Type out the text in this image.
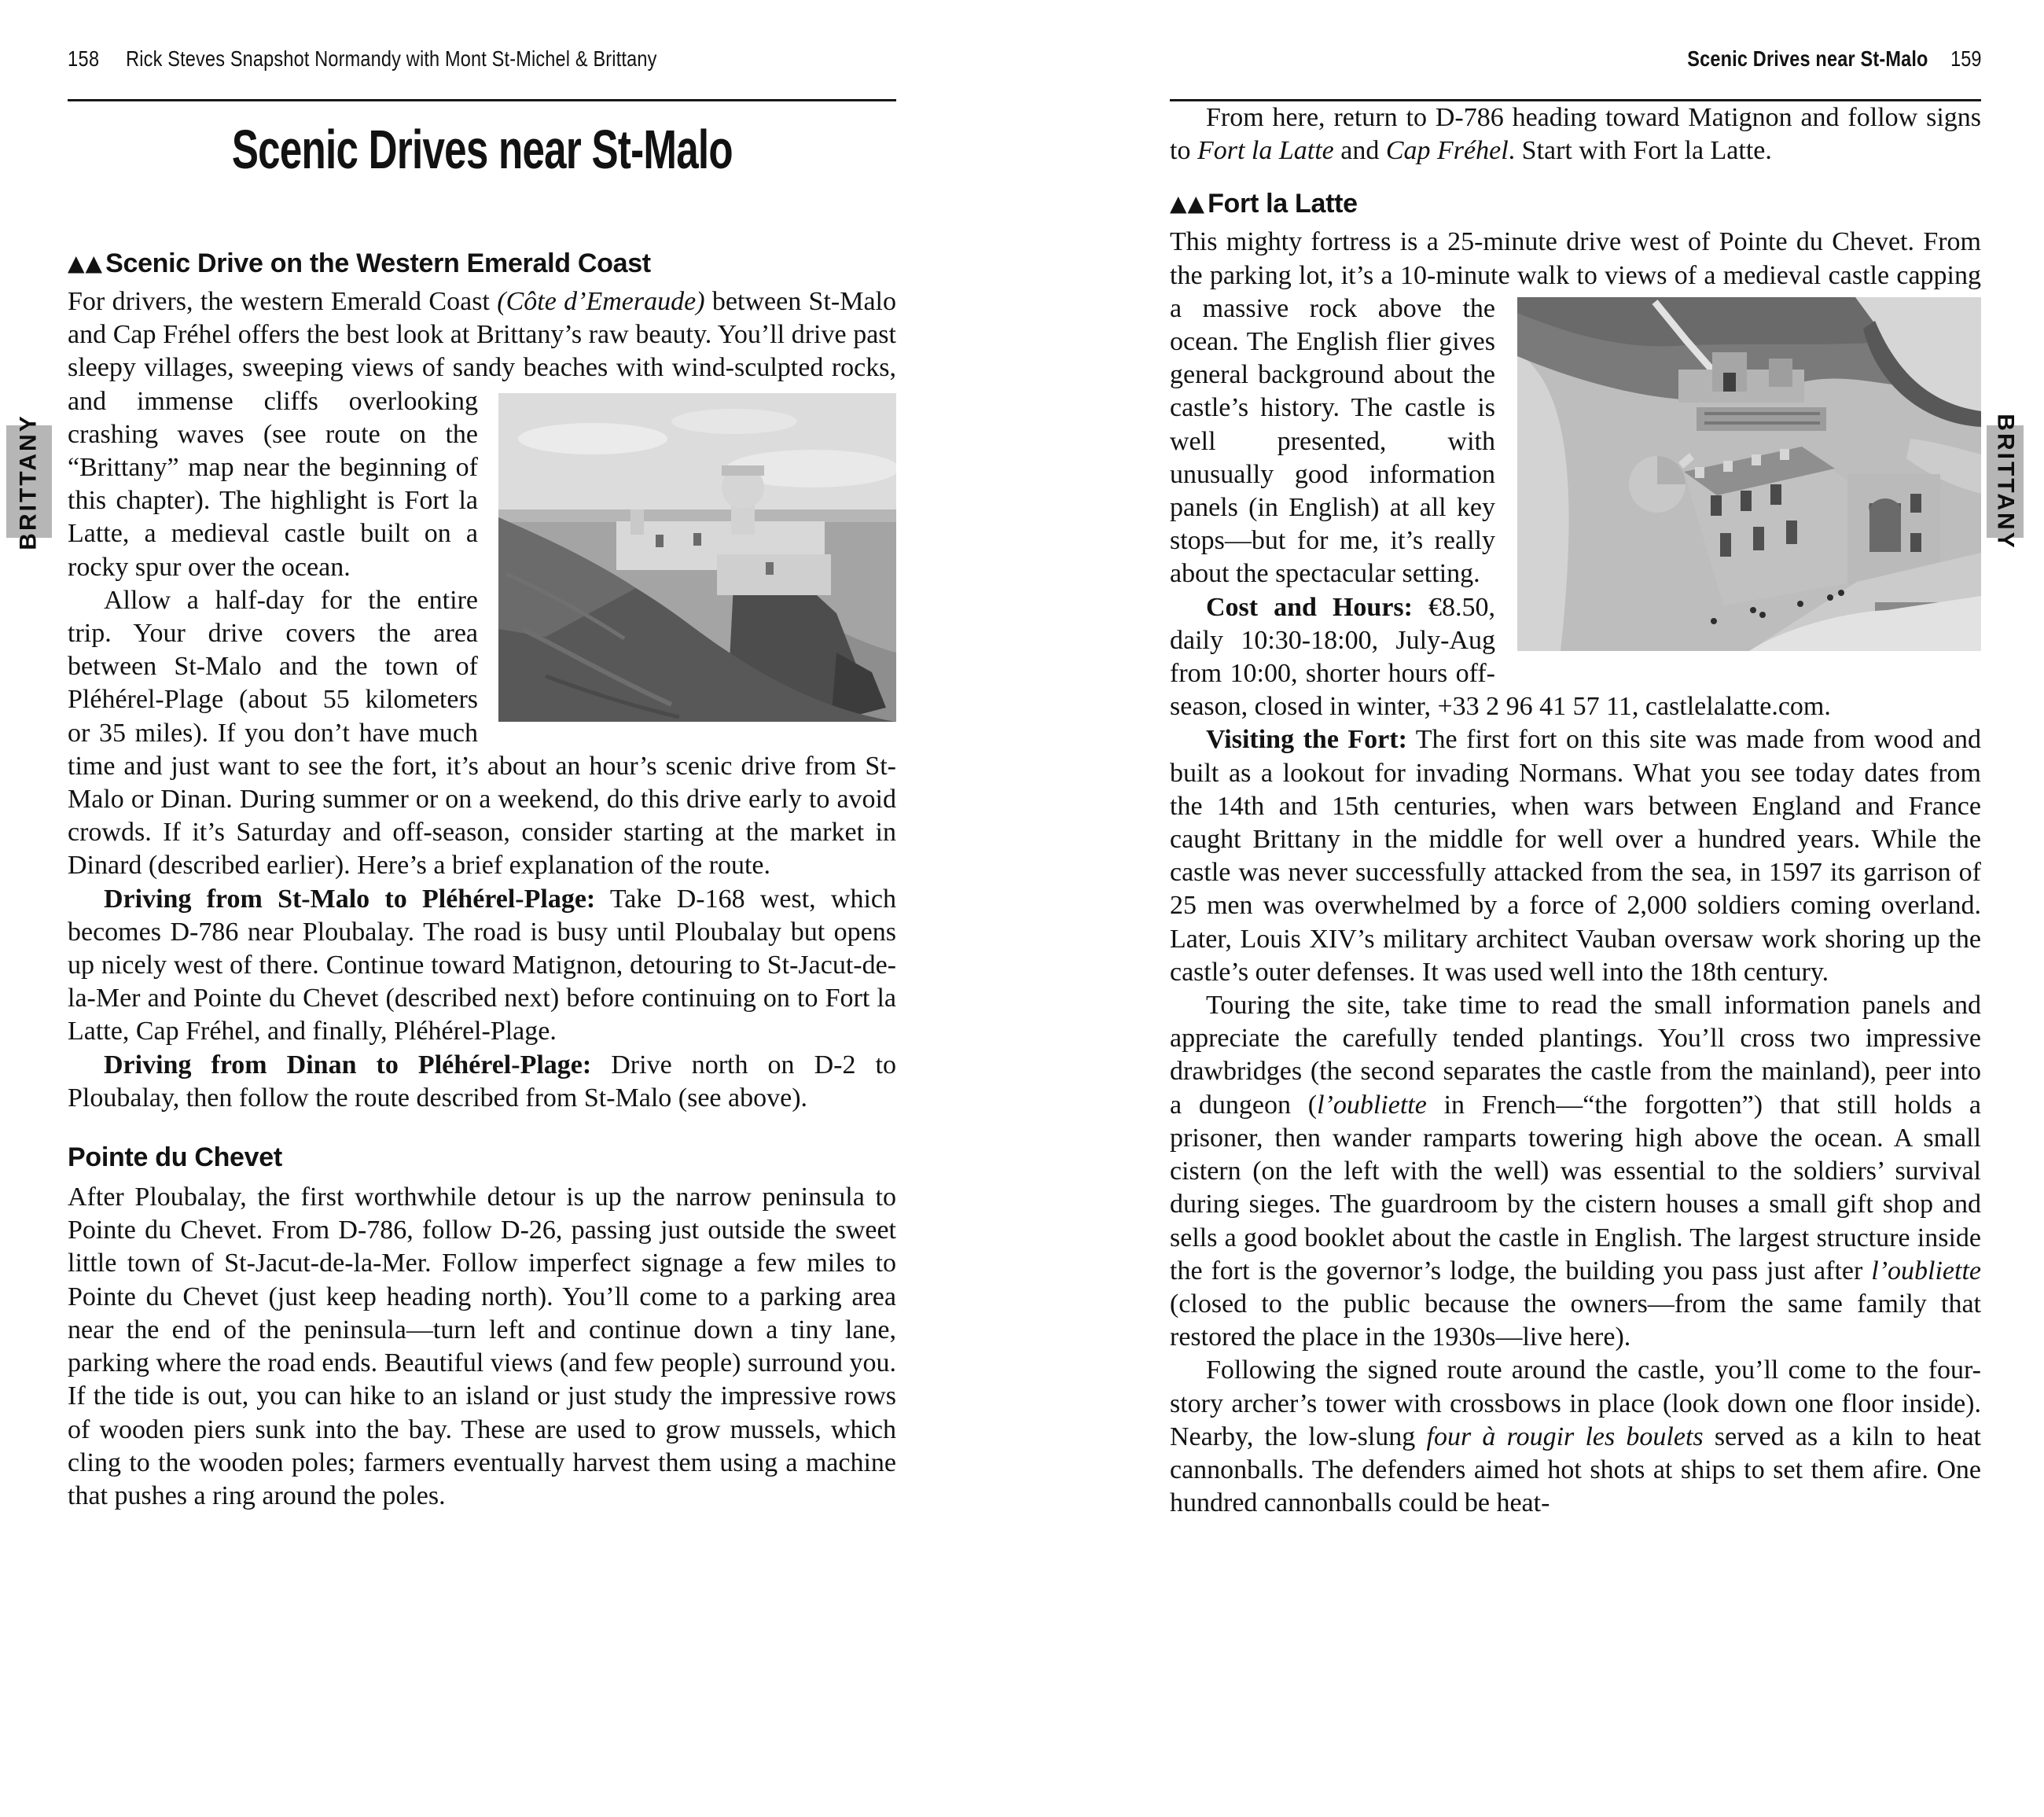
158 Rick Steves Snapshot Normandy with Mont St-Michel & Brittany
Scenic Drives near St-Malo
▲▲Scenic Drive on the Western Emerald Coast

For drivers, the western Emerald Coast (Côte d’Emeraude) between St-Malo and Cap Fréhel offers the best look at Brittany’s raw beauty. You’ll drive past sleepy villages, sweeping views of sandy beach
es with wind-sculpted rocks, and immense cliffs overlooking crashing waves (see route on the “Brittany” map near the beginning of this chapter). The highlight is Fort la Latte, a medieval castle built on a rocky spur over the ocean.

Allow a half-day for the entire trip. Your drive covers the area between St-Malo and the town of Pléhérel-Plage (about 55 kilometers or 35 miles). If you don’t have much time and just want to see the fort, it’s about an hour’s scenic drive from St-Malo or Dinan. During summer or on a weekend, do this drive early to avoid crowds. If it’s Saturday and off-season, consider starting at the market in Dinard (described earlier). Here’s a brief explanation of the route.

Driving from St-Malo to Pléhérel-Plage: Take D-168 west, which becomes D-786 near Ploubalay. The road is busy until Ploubalay but opens up nicely west of there. Continue toward Matignon, detouring to St-Jacut-de-la-Mer and Pointe du Chevet (described next) before continuing on to Fort la Latte, Cap Fréhel, and finally, Pléhérel-Plage.

Driving from Dinan to Pléhérel-Plage: Drive north on D-2 to Ploubalay, then follow the route described from St-Malo (see above).

Pointe du Chevet

After Ploubalay, the first worthwhile detour is up the narrow peninsula to Pointe du Chevet. From D-786, follow D-26, passing just outside the sweet little town of St-Jacut-de-la-Mer. Follow imperfect signage a few miles to Pointe du Chevet (just keep heading north). You’ll come to a parking area near the end of the peninsula—turn left and continue down a tiny lane, parking where the road ends. Beautiful views (and few people) surround you. If the tide is out, you can hike to an island or just study the impressive rows of wooden piers sunk into the bay. These are used to grow mussels, which cling to the wooden poles; farmers eventually harvest them using a machine that pushes a ring around the poles.

Scenic Drives near St-Malo 159

From here, return to D-786 heading toward Matignon and follow signs to Fort la Latte and Cap Fréhel. Start with Fort la Latte.

▲▲Fort la Latte

This mighty fortress is a 25-minute drive west of Pointe du Chevet. From the parking lot, it’s a 10-minute walk to views of a medieval
castle capping a massive rock above the ocean. The English flier gives general background about the castle’s history. The castle is well presented, with unusually good information panels (in English) at all key stops—but for me, it’s really about the spectacular setting.

Cost and Hours: €8.50, daily 10:30-18:00, July-Aug from 10:00, shorter hours off-season, closed in winter, +33 2 96 41 57 11, castlelalatte.com.

Visiting the Fort: The first fort on this site was made from wood and built as a lookout for invading Normans. What you see today dates from the 14th and 15th centuries, when wars between England and France caught Brittany in the middle for well over a hundred years. While the castle was never successfully attacked from the sea, in 1597 its garrison of 25 men was overwhelmed by a force of 2,000 soldiers coming overland. Later, Louis XIV’s military architect Vauban oversaw work shoring up the castle’s outer defenses. It was used well into the 18th century.

Touring the site, take time to read the small information panels and appreciate the carefully tended plantings. You’ll cross two impressive drawbridges (the second separates the castle from the mainland), peer into a dungeon (l’oubliette in French—“the forgotten”) that still holds a prisoner, then wander ramparts towering high above the ocean. A small cistern (on the left with the well) was essential to the soldiers’ survival during sieges. The guardroom by the cistern houses a small gift shop and sells a good booklet about the castle in English. The largest structure inside the fort is the governor’s lodge, the building you pass just after l’oubliette (closed to the public because the owners—from the same family that restored the place in the 1930s—live here).

Following the signed route around the castle, you’ll come to the four-story archer’s tower with crossbows in place (look down one floor inside). Nearby, the low-slung four à rougir les boulets served as a kiln to heat cannonballs. The defenders aimed hot shots at ships to set them afire. One hundred cannonballs could be heat-

BRITTANY	BRITTANY
